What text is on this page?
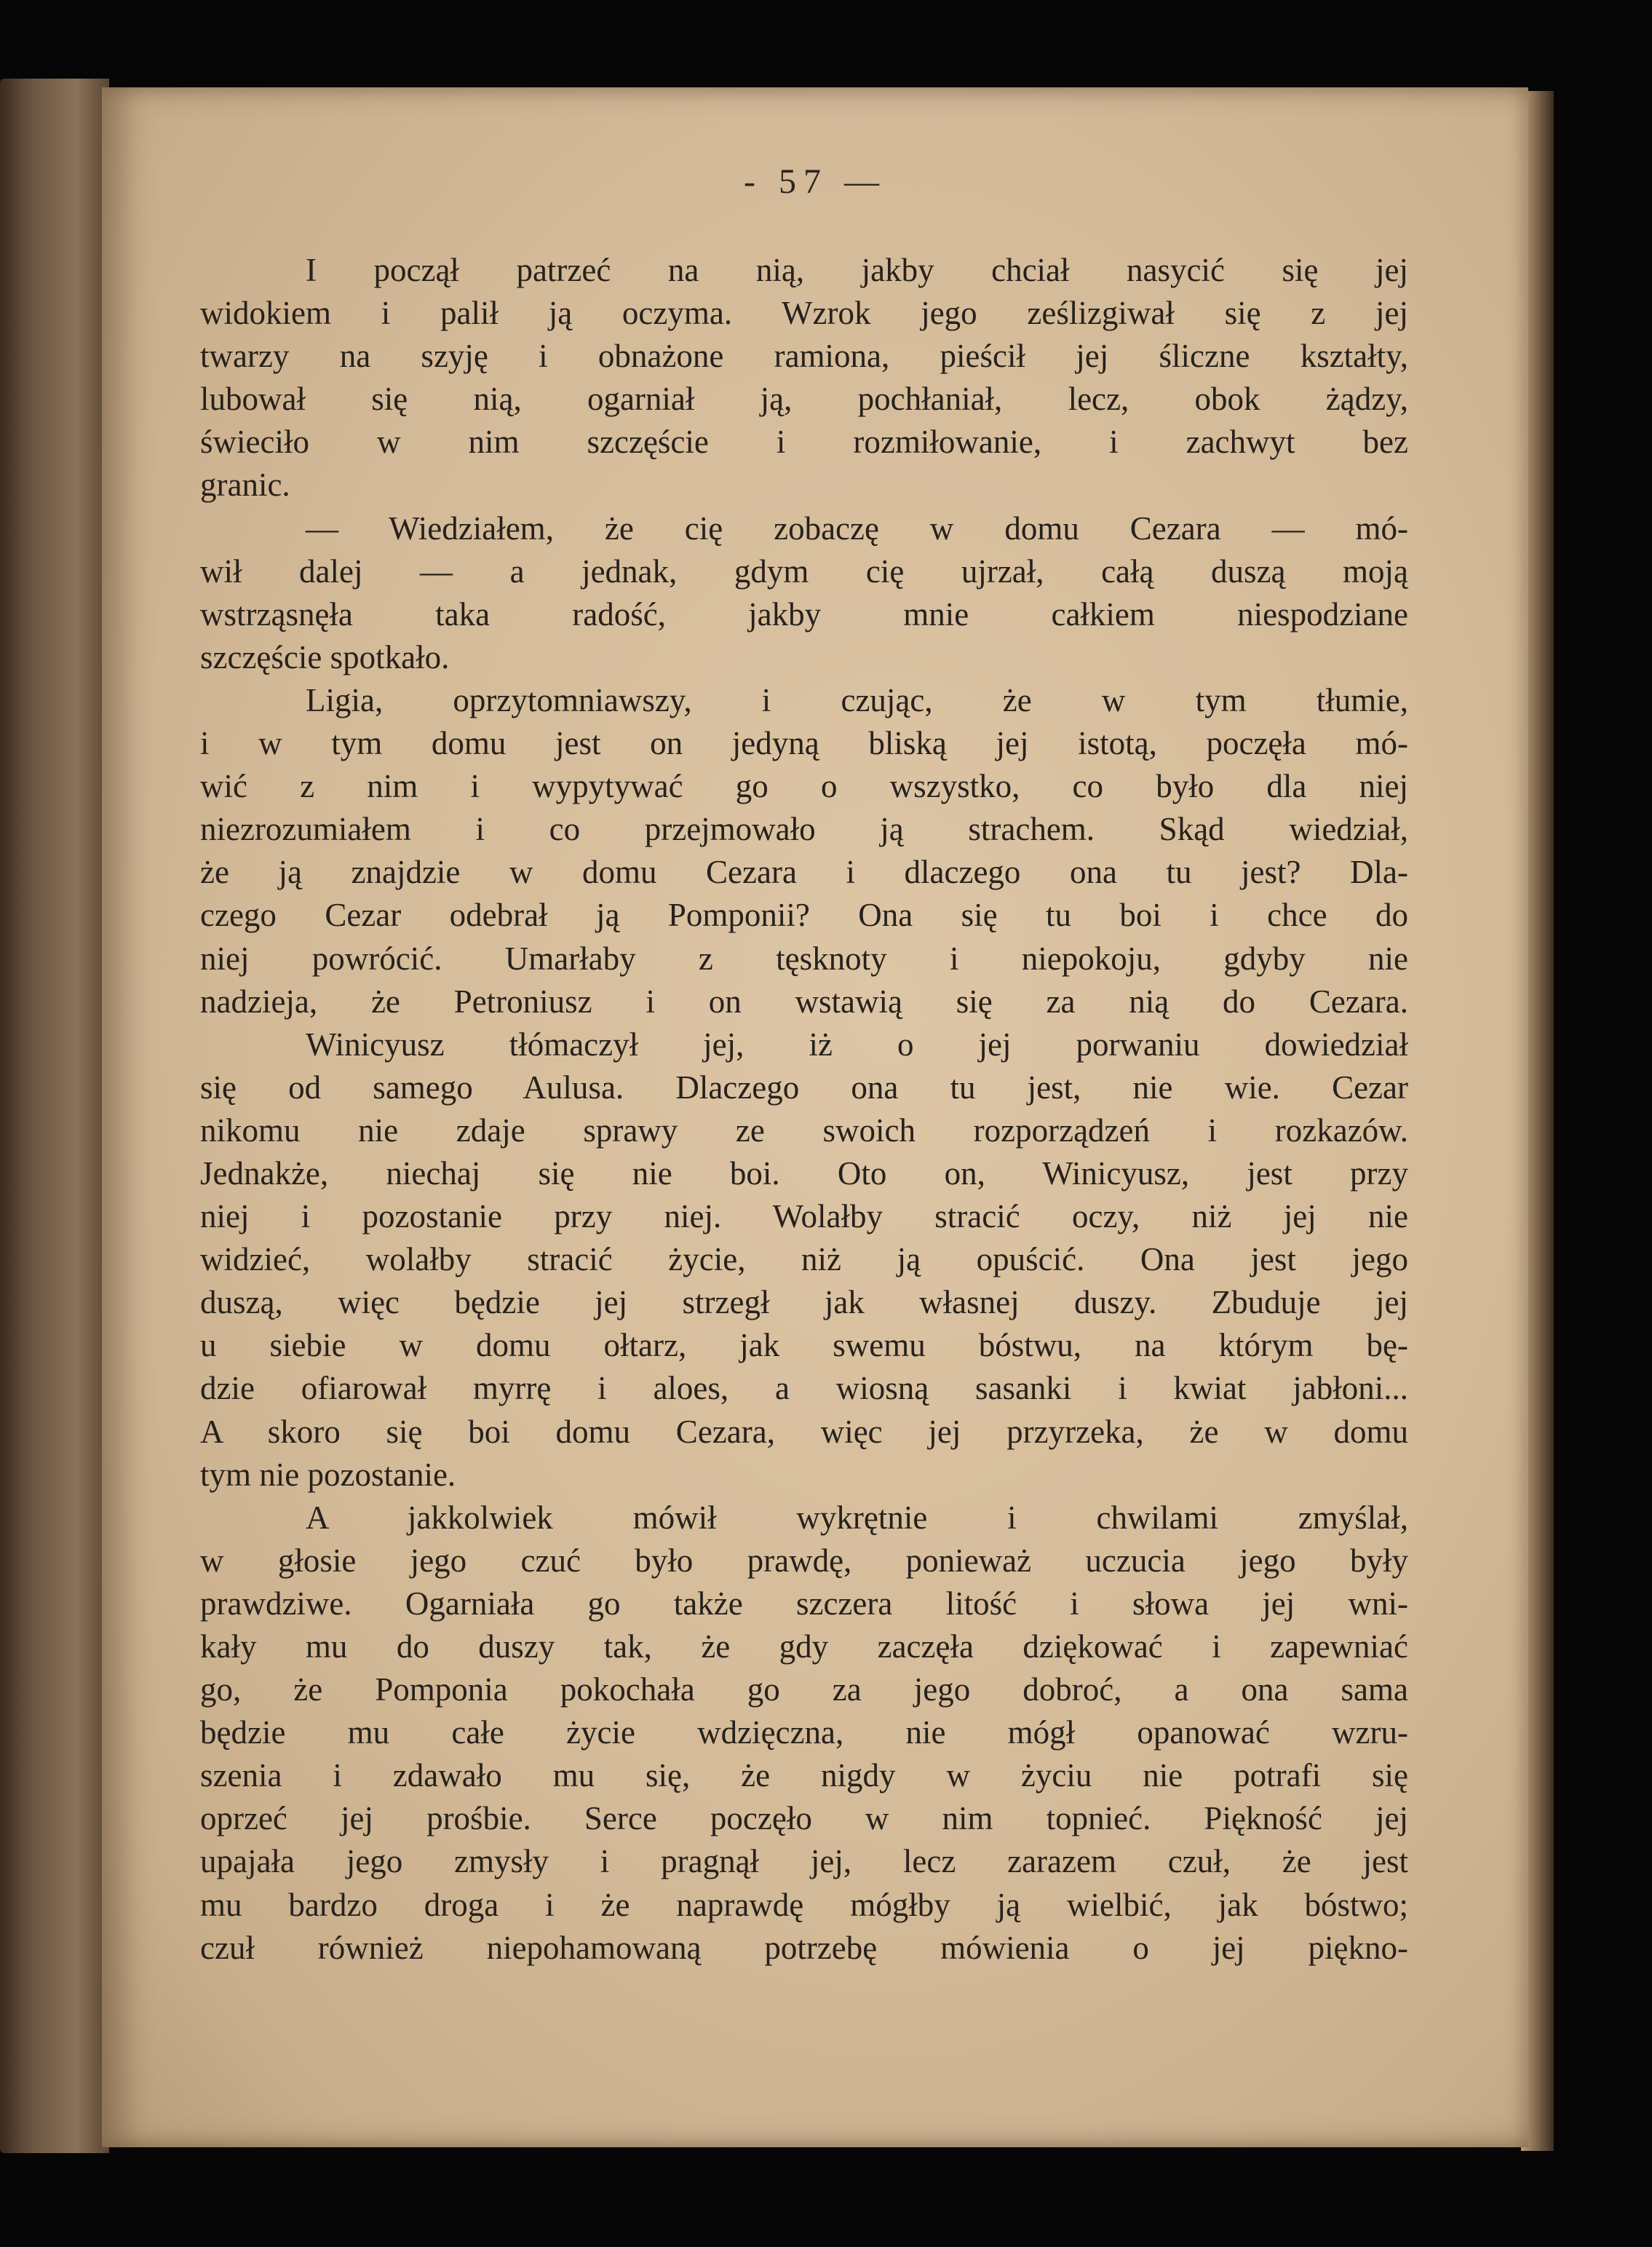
- 57 —
I począł patrzeć na nią, jakby chciał nasycić się jej
widokiem i palił ją oczyma. Wzrok jego ześlizgiwał się z jej
twarzy na szyję i obnażone ramiona, pieścił jej śliczne kształty,
lubował się nią, ogarniał ją, pochłaniał, lecz, obok żądzy,
świeciło w nim szczęście i rozmiłowanie, i zachwyt bez
granic.
— Wiedziałem, że cię zobaczę w domu Cezara — mó-
wił dalej — a jednak, gdym cię ujrzał, całą duszą moją
wstrząsnęła taka radość, jakby mnie całkiem niespodziane
szczęście spotkało.
Ligia, oprzytomniawszy, i czując, że w tym tłumie,
i w tym domu jest on jedyną bliską jej istotą, poczęła mó-
wić z nim i wypytywać go o wszystko, co było dla niej
niezrozumiałem i co przejmowało ją strachem. Skąd wiedział,
że ją znajdzie w domu Cezara i dlaczego ona tu jest? Dla-
czego Cezar odebrał ją Pomponii? Ona się tu boi i chce do
niej powrócić. Umarłaby z tęsknoty i niepokoju, gdyby nie
nadzieja, że Petroniusz i on wstawią się za nią do Cezara.
Winicyusz tłómaczył jej, iż o jej porwaniu dowiedział
się od samego Aulusa. Dlaczego ona tu jest, nie wie. Cezar
nikomu nie zdaje sprawy ze swoich rozporządzeń i rozkazów.
Jednakże, niechaj się nie boi. Oto on, Winicyusz, jest przy
niej i pozostanie przy niej. Wolałby stracić oczy, niż jej nie
widzieć, wolałby stracić życie, niż ją opuścić. Ona jest jego
duszą, więc będzie jej strzegł jak własnej duszy. Zbuduje jej
u siebie w domu ołtarz, jak swemu bóstwu, na którym bę-
dzie ofiarował myrrę i aloes, a wiosną sasanki i kwiat jabłoni...
A skoro się boi domu Cezara, więc jej przyrzeka, że w domu
tym nie pozostanie.
A jakkolwiek mówił wykrętnie i chwilami zmyślał,
w głosie jego czuć było prawdę, ponieważ uczucia jego były
prawdziwe. Ogarniała go także szczera litość i słowa jej wni-
kały mu do duszy tak, że gdy zaczęła dziękować i zapewniać
go, że Pomponia pokochała go za jego dobroć, a ona sama
będzie mu całe życie wdzięczna, nie mógł opanować wzru-
szenia i zdawało mu się, że nigdy w życiu nie potrafi się
oprzeć jej prośbie. Serce poczęło w nim topnieć. Piękność jej
upajała jego zmysły i pragnął jej, lecz zarazem czuł, że jest
mu bardzo droga i że naprawdę mógłby ją wielbić, jak bóstwo;
czuł również niepohamowaną potrzebę mówienia o jej piękno-
